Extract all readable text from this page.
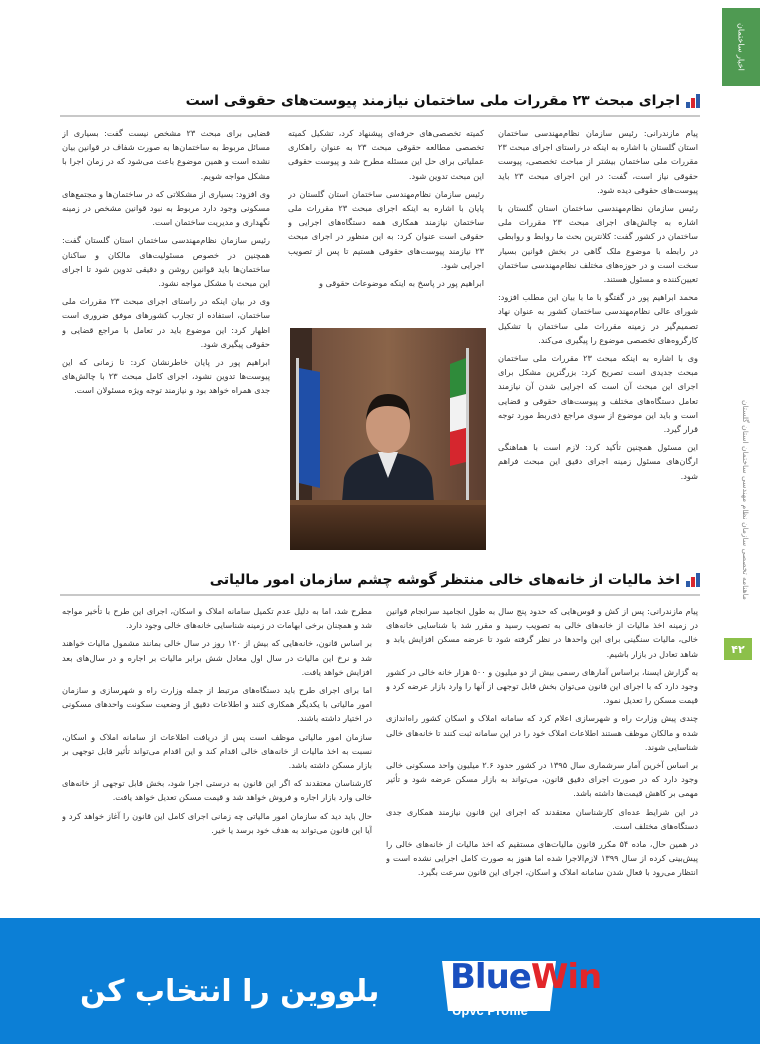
اخبار ساختمان
ماهنامه تخصصی سازمان نظام مهندسی ساختمان استان گلستان
۴۲
اجرای مبحث ۲۳ مقررات ملی ساختمان نیازمند پیوست‌های حقوقی است

پیام مازندرانی: رئیس سازمان نظام‌مهندسی ساختمان استان گلستان با اشاره به اینکه در راستای اجرای مبحث ۲۳ مقررات ملی ساختمان بیشتر از مباحث تخصصی، پیوست حقوقی نیاز است، گفت: در این اجرای مبحث ۲۳ باید پیوست‌های حقوقی دیده شود.

رئیس سازمان نظام‌مهندسی ساختمان استان گلستان با اشاره به چالش‌های اجرای مبحث ۲۳ مقررات ملی ساختمان در کشور گفت: کلانترین بحث ما روابط و روابطی در رابطه با موضوع ملک گاهی در بخش قوانین بسیار سخت است و در حوزه‌های مختلف نظام‌مهندسی ساختمان تعیین‌کننده و مسئول هستند.

محمد ابراهیم پور در گفتگو با ما با بیان این مطلب افزود: شورای عالی نظام‌مهندسی ساختمان کشور به عنوان نهاد تصمیم‌گیر در زمینه مقررات ملی ساختمان با تشکیل کارگروه‌های تخصصی موضوع را پیگیری می‌کند.

وی با اشاره به اینکه مبحث ۲۳ مقررات ملی ساختمان مبحث جدیدی است تصریح کرد: بزرگترین مشکل برای اجرای این مبحث آن است که اجرایی شدن آن نیازمند تعامل دستگاه‌های مختلف و پیوست‌های حقوقی و قضایی است و باید این موضوع از سوی مراجع ذی‌ربط مورد توجه قرار گیرد.

این مسئول همچنین تأکید کرد: لازم است با هماهنگی ارگان‌های مسئول زمینه اجرای دقیق این مبحث فراهم شود.

کمیته تخصصی‌های حرفه‌ای پیشنهاد کرد، تشکیل کمیته تخصصی مطالعه حقوقی مبحث ۲۳ به عنوان راهکاری عملیاتی برای حل این مسئله مطرح شد و پیوست حقوقی این مبحث تدوین شود.

رئیس سازمان نظام‌مهندسی ساختمان استان گلستان در پایان با اشاره به اینکه اجرای مبحث ۲۳ مقررات ملی ساختمان نیازمند همکاری همه دستگاه‌های اجرایی و حقوقی است عنوان کرد: به این منظور در اجرای مبحث ۲۳ نیازمند پیوست‌های حقوقی هستیم تا پس از تصویب اجرایی شود.

ابراهیم پور در پاسخ به اینکه موضوعات حقوقی و

قضایی برای مبحث ۲۳ مشخص نیست گفت: بسیاری از مسائل مربوط به ساختمان‌ها به صورت شفاف در قوانین بیان نشده است و همین موضوع باعث می‌شود که در زمان اجرا با مشکل مواجه شویم.

وی افزود: بسیاری از مشکلاتی که در ساختمان‌ها و مجتمع‌های مسکونی وجود دارد مربوط به نبود قوانین مشخص در زمینه نگهداری و مدیریت ساختمان است.

رئیس سازمان نظام‌مهندسی ساختمان استان گلستان گفت: همچنین در خصوص مسئولیت‌های مالکان و ساکنان ساختمان‌ها باید قوانین روشن و دقیقی تدوین شود تا اجرای این مبحث با مشکل مواجه نشود.

وی در بیان اینکه در راستای اجرای مبحث ۲۳ مقررات ملی ساختمان، استفاده از تجارب کشورهای موفق ضروری است اظهار کرد: این موضوع باید در تعامل با مراجع قضایی و حقوقی پیگیری شود.

ابراهیم پور در پایان خاطرنشان کرد: تا زمانی که این پیوست‌ها تدوین نشود، اجرای کامل مبحث ۲۳ با چالش‌های جدی همراه خواهد بود و نیازمند توجه ویژه مسئولان است.

اخذ مالیات از خانه‌های خالی منتظر گوشه چشم سازمان امور مالیاتی

پیام مازندرانی: پس از کش و قوس‌هایی که حدود پنج سال به طول انجامید سرانجام قوانین در زمینه اخذ مالیات از خانه‌های خالی به تصویب رسید و مقرر شد با شناسایی خانه‌های خالی، مالیات سنگینی برای این واحدها در نظر گرفته شود تا عرضه مسکن افزایش یابد و شاهد تعادل در بازار باشیم.

به گزارش ایسنا، براساس آمارهای رسمی بیش از دو میلیون و ۵۰۰ هزار خانه خالی در کشور وجود دارد که با اجرای این قانون می‌توان بخش قابل توجهی از آنها را وارد بازار عرضه کرد و قیمت مسکن را تعدیل نمود.

چندی پیش وزارت راه و شهرسازی اعلام کرد که سامانه املاک و اسکان کشور راه‌اندازی شده و مالکان موظف هستند اطلاعات املاک خود را در این سامانه ثبت کنند تا خانه‌های خالی شناسایی شوند.

بر اساس آخرین آمار سرشماری سال ۱۳۹۵ در کشور حدود ۲.۶ میلیون واحد مسکونی خالی وجود دارد که در صورت اجرای دقیق قانون، می‌تواند به بازار مسکن عرضه شود و تأثیر مهمی بر کاهش قیمت‌ها داشته باشد.

در این شرایط عده‌ای کارشناسان معتقدند که اجرای این قانون نیازمند همکاری جدی دستگاه‌های مختلف است.

در همین حال، ماده ۵۴ مکرر قانون مالیات‌های مستقیم که اخذ مالیات از خانه‌های خالی را پیش‌بینی کرده از سال ۱۳۹۹ لازم‌الاجرا شده اما هنوز به صورت کامل اجرایی نشده است و انتظار می‌رود با فعال شدن سامانه املاک و اسکان، اجرای این قانون سرعت بگیرد.

مطرح شد، اما به دلیل عدم تکمیل سامانه املاک و اسکان، اجرای این طرح با تأخیر مواجه شد و همچنان برخی ابهامات در زمینه شناسایی خانه‌های خالی وجود دارد.

بر اساس قانون، خانه‌هایی که بیش از ۱۲۰ روز در سال خالی بمانند مشمول مالیات خواهند شد و نرخ این مالیات در سال اول معادل شش برابر مالیات بر اجاره و در سال‌های بعد افزایش خواهد یافت.

اما برای اجرای طرح باید دستگاه‌های مرتبط از جمله وزارت راه و شهرسازی و سازمان امور مالیاتی با یکدیگر همکاری کنند و اطلاعات دقیق از وضعیت سکونت واحدهای مسکونی در اختیار داشته باشند.

سازمان امور مالیاتی موظف است پس از دریافت اطلاعات از سامانه املاک و اسکان، نسبت به اخذ مالیات از خانه‌های خالی اقدام کند و این اقدام می‌تواند تأثیر قابل توجهی بر بازار مسکن داشته باشد.

کارشناسان معتقدند که اگر این قانون به درستی اجرا شود، بخش قابل توجهی از خانه‌های خالی وارد بازار اجاره و فروش خواهد شد و قیمت مسکن تعدیل خواهد یافت.

حال باید دید که سازمان امور مالیاتی چه زمانی اجرای کامل این قانون را آغاز خواهد کرد و آیا این قانون می‌تواند به هدف خود برسد یا خیر.

Blue Win
Upvc Profile
بلووین را انتخاب کن
